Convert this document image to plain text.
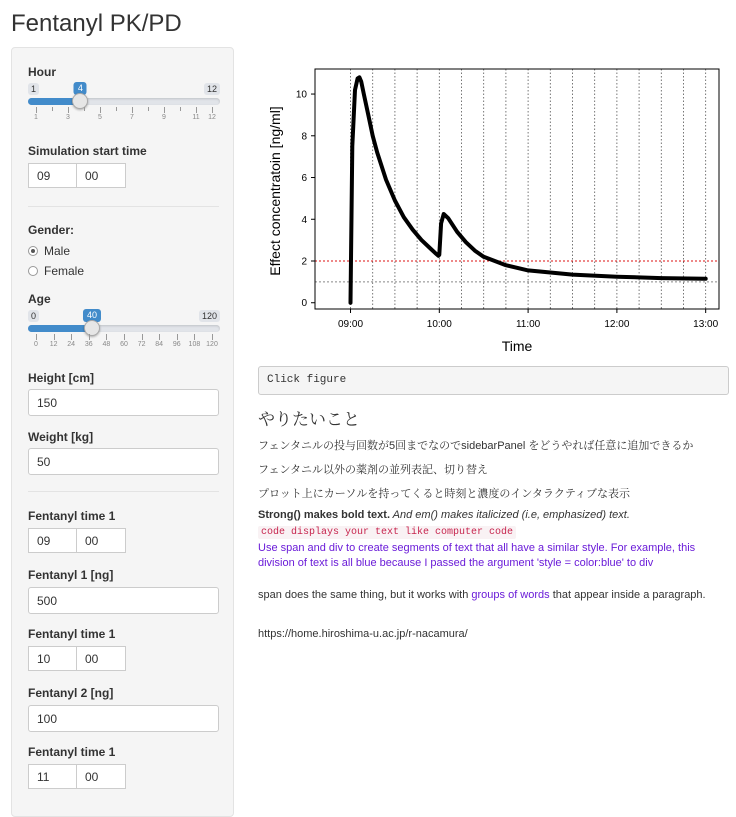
Fentanyl PK/PD
Hour
1	12
4
1	3	5	7	9	11 12
Simulation start time
09	00
Gender:
Male
Female
Age
0	120
40
0 12 24 36 48 60 72 84 96 108 120
Height [cm]
150
Weight [kg]
50
Fentanyl time 1
09	00
Fentanyl 1 [ng]
500
Fentanyl time 1
10	00
Fentanyl 2 [ng]
100
Fentanyl time 1
11	00
0
2
4
6
8
10
09:00	10:00	11:00	12:00	13:00
Effect concentratoin [ng/ml]
Time
Click figure
やりたいこと
フェンタニルの投与回数が5回までなのでsidebarPanel をどうやれば任意に追加できるか
フェンタニル以外の薬剤の並列表記、切り替え
プロット上にカーソルを持ってくると時刻と濃度のインタラクティブな表示
Strong() makes bold text. And em() makes italicized (i.e, emphasized) text.
code displays your text like computer code
Use span and div to create segments of text that all have a similar style. For example, this division of text is all blue because I passed the argument 'style = color:blue' to div
span does the same thing, but it works with groups of words that appear inside a paragraph.
https://home.hiroshima-u.ac.jp/r-nacamura/
